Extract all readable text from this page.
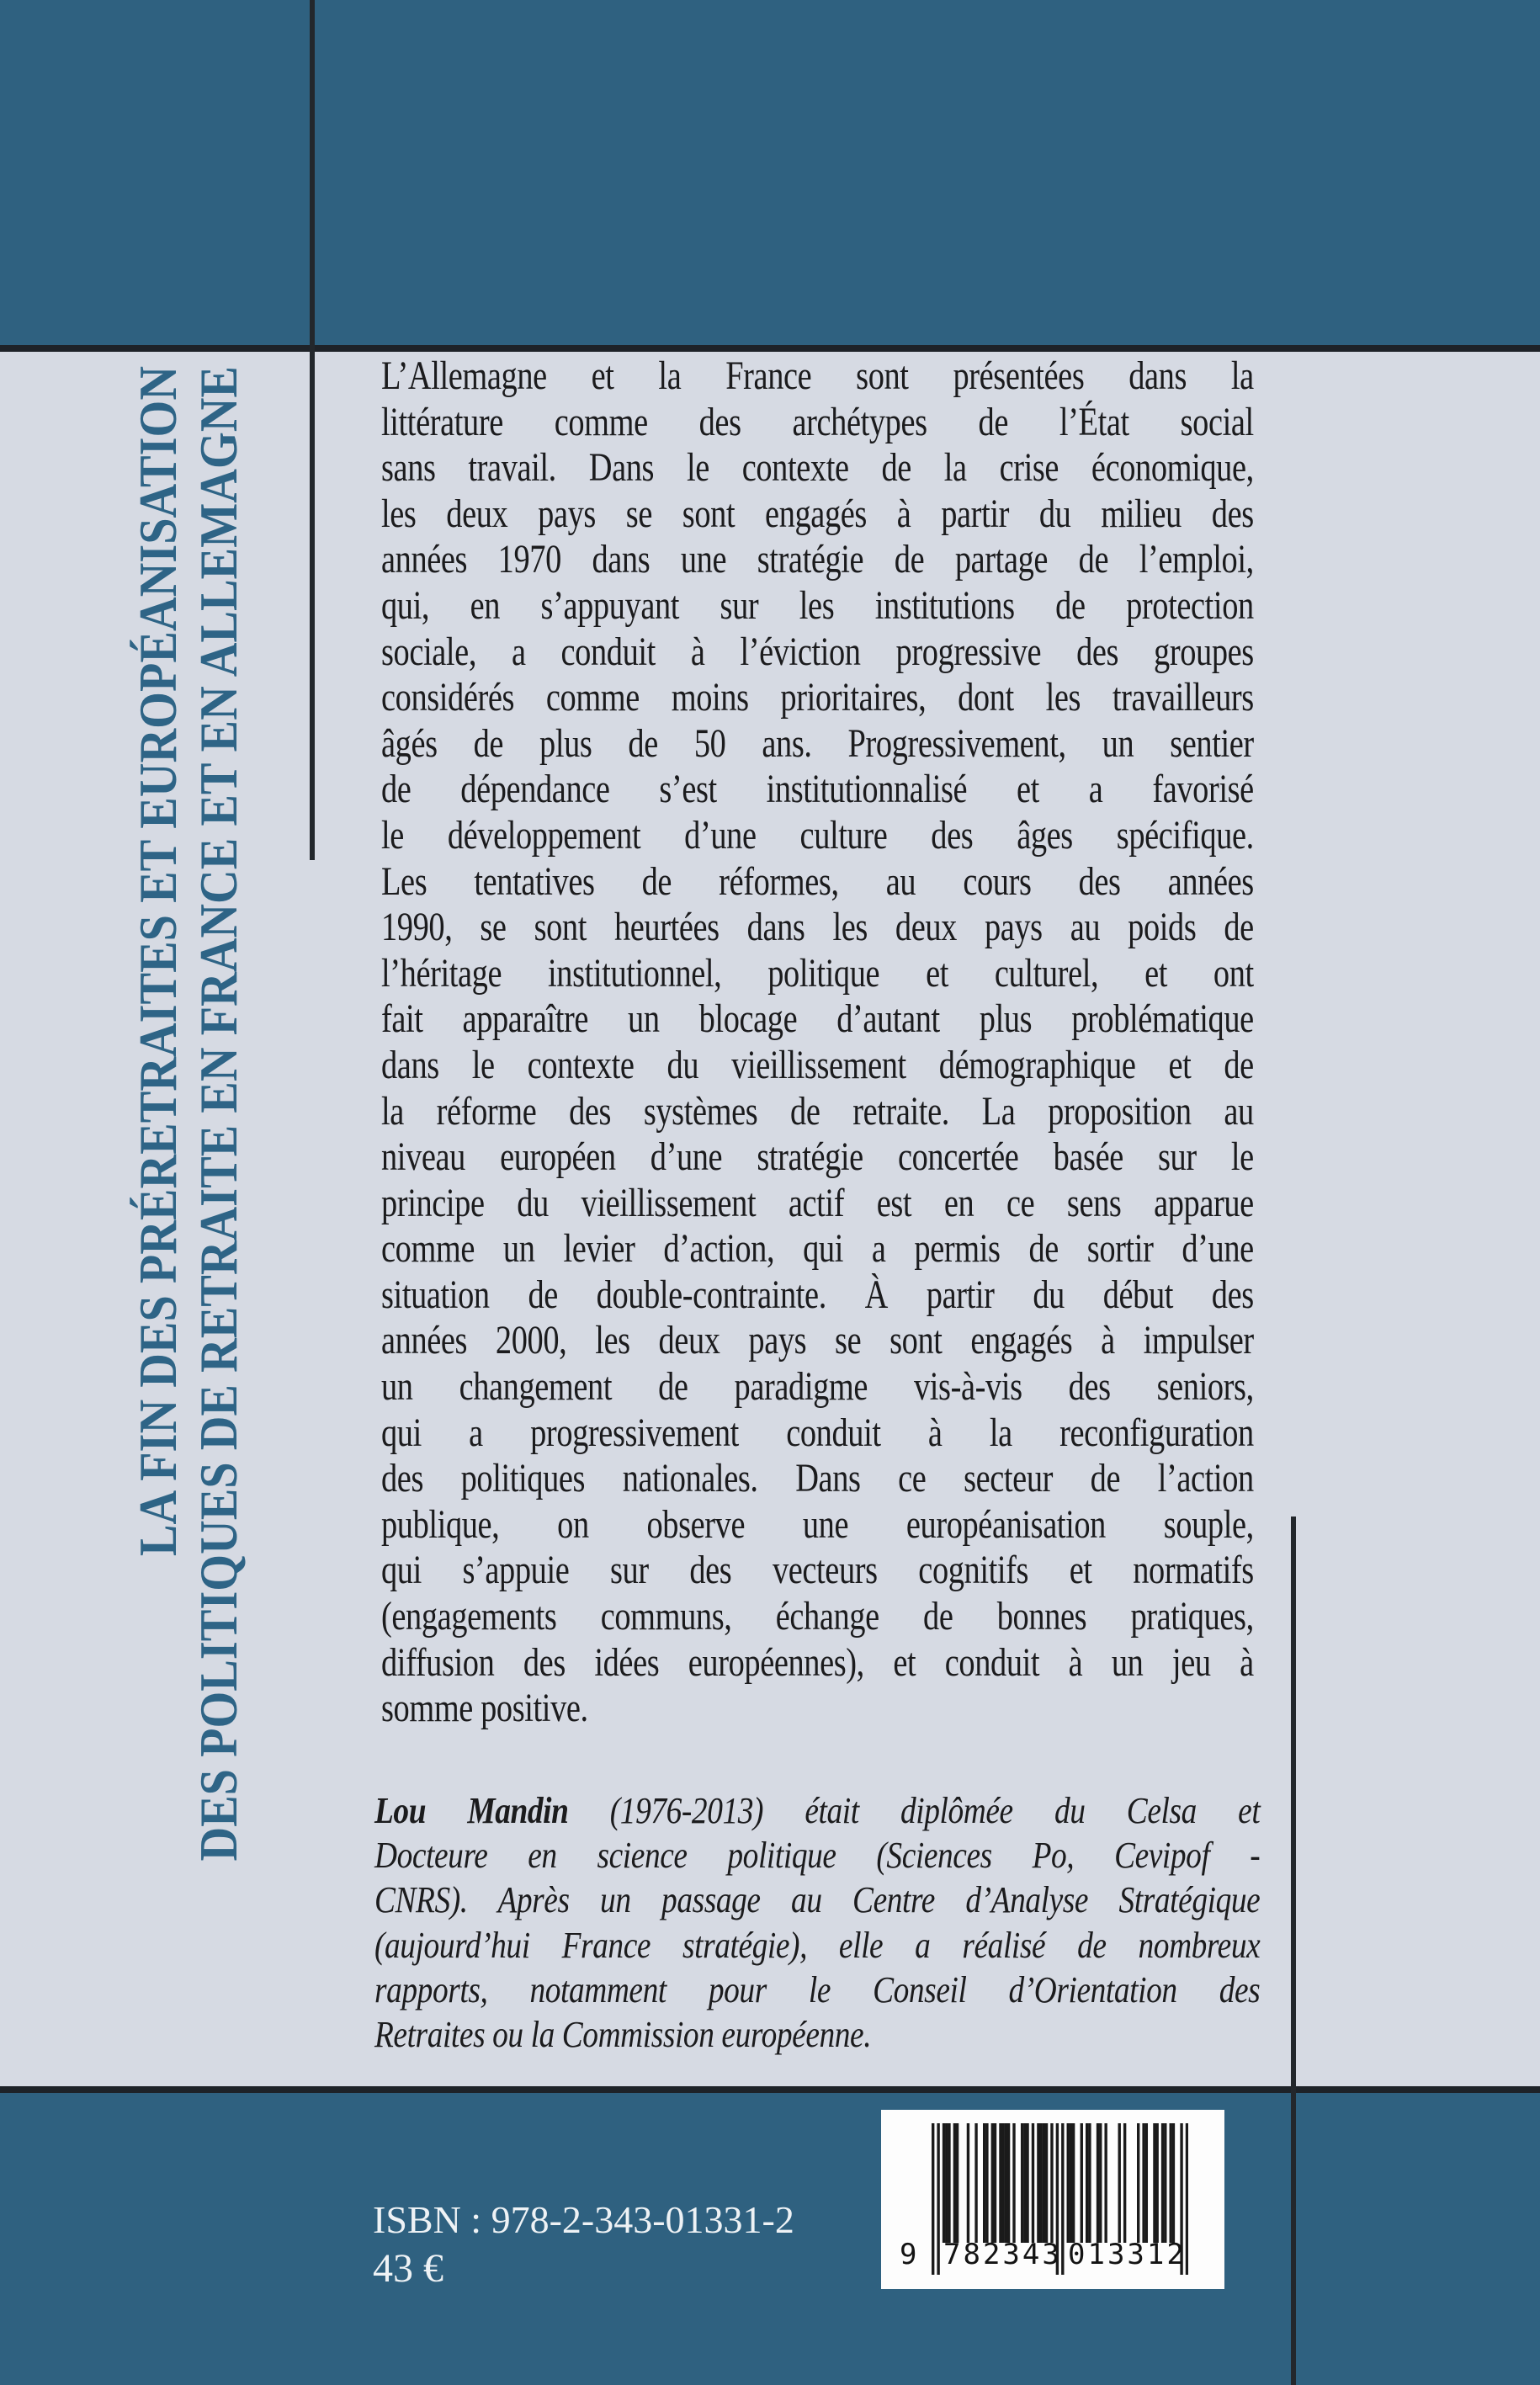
LA FIN DES PRÉRETRAITES ET EUROPÉANISATION DES POLITIQUES DE RETRAITE EN FRANCE ET EN ALLEMAGNE	L’Allemagne et la France sont présentées dans la
littérature comme des archétypes de l’État social
sans travail. Dans le contexte de la crise économique,
les deux pays se sont engagés à partir du milieu des
années 1970 dans une stratégie de partage de l’emploi,
qui, en s’appuyant sur les institutions de protection
sociale, a conduit à l’éviction progressive des groupes
considérés comme moins prioritaires, dont les travailleurs
âgés de plus de 50 ans. Progressivement, un sentier
de dépendance s’est institutionnalisé et a favorisé
le développement d’une culture des âges spécifique.
Les tentatives de réformes, au cours des années
1990, se sont heurtées dans les deux pays au poids de
l’héritage institutionnel, politique et culturel, et ont
fait apparaître un blocage d’autant plus problématique
dans le contexte du vieillissement démographique et de
la réforme des systèmes de retraite. La proposition au
niveau européen d’une stratégie concertée basée sur le
principe du vieillissement actif est en ce sens apparue
comme un levier d’action, qui a permis de sortir d’une
situation de double-contrainte. À partir du début des
années 2000, les deux pays se sont engagés à impulser
un changement de paradigme vis-à-vis des seniors,
qui a progressivement conduit à la reconfiguration
des politiques nationales. Dans ce secteur de l’action
publique, on observe une européanisation souple,
qui s’appuie sur des vecteurs cognitifs et normatifs
(engagements communs, échange de bonnes pratiques,
diffusion des idées européennes), et conduit à un jeu à
somme positive.
Lou Mandin (1976-2013) était diplômée du Celsa et
Docteure en science politique (Sciences Po, Cevipof -
CNRS). Après un passage au Centre d’Analyse Stratégique
(aujourd’hui France stratégie), elle a réalisé de nombreux
rapports, notamment pour le Conseil d’Orientation des
Retraites ou la Commission européenne.
ISBN : 978-2-343-01331-2
43 €	9 782343 013312
